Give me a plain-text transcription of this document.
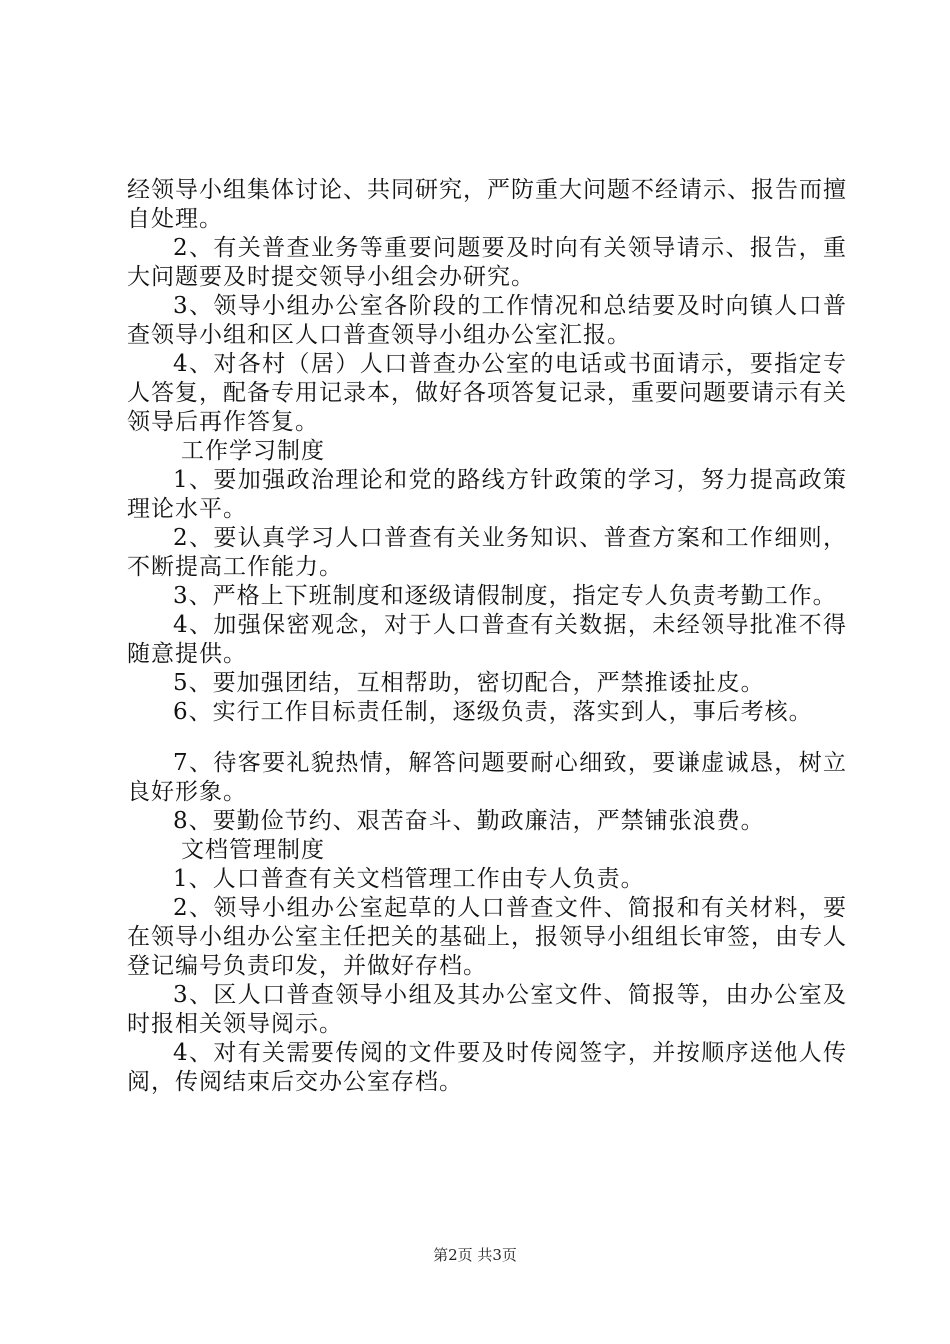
经领导小组集体讨论、共同研究，严防重大问题不经请示、报告而擅自处理。

2、有关普查业务等重要问题要及时向有关领导请示、报告，重大问题要及时提交领导小组会办研究。

3、领导小组办公室各阶段的工作情况和总结要及时向镇人口普查领导小组和区人口普查领导小组办公室汇报。

4、对各村（居）人口普查办公室的电话或书面请示，要指定专人答复，配备专用记录本，做好各项答复记录，重要问题要请示有关领导后再作答复。

工作学习制度

1、要加强政治理论和党的路线方针政策的学习，努力提高政策理论水平。

2、要认真学习人口普查有关业务知识、普查方案和工作细则，不断提高工作能力。

3、严格上下班制度和逐级请假制度，指定专人负责考勤工作。

4、加强保密观念，对于人口普查有关数据，未经领导批准不得随意提供。

5、要加强团结，互相帮助，密切配合，严禁推诿扯皮。

6、实行工作目标责任制，逐级负责，落实到人，事后考核。

7、待客要礼貌热情，解答问题要耐心细致，要谦虚诚恳，树立良好形象。

8、要勤俭节约、艰苦奋斗、勤政廉洁，严禁铺张浪费。

文档管理制度

1、人口普查有关文档管理工作由专人负责。

2、领导小组办公室起草的人口普查文件、简报和有关材料，要在领导小组办公室主任把关的基础上，报领导小组组长审签，由专人登记编号负责印发，并做好存档。

3、区人口普查领导小组及其办公室文件、简报等，由办公室及时报相关领导阅示。

4、对有关需要传阅的文件要及时传阅签字，并按顺序送他人传阅，传阅结束后交办公室存档。

第2页 共3页
